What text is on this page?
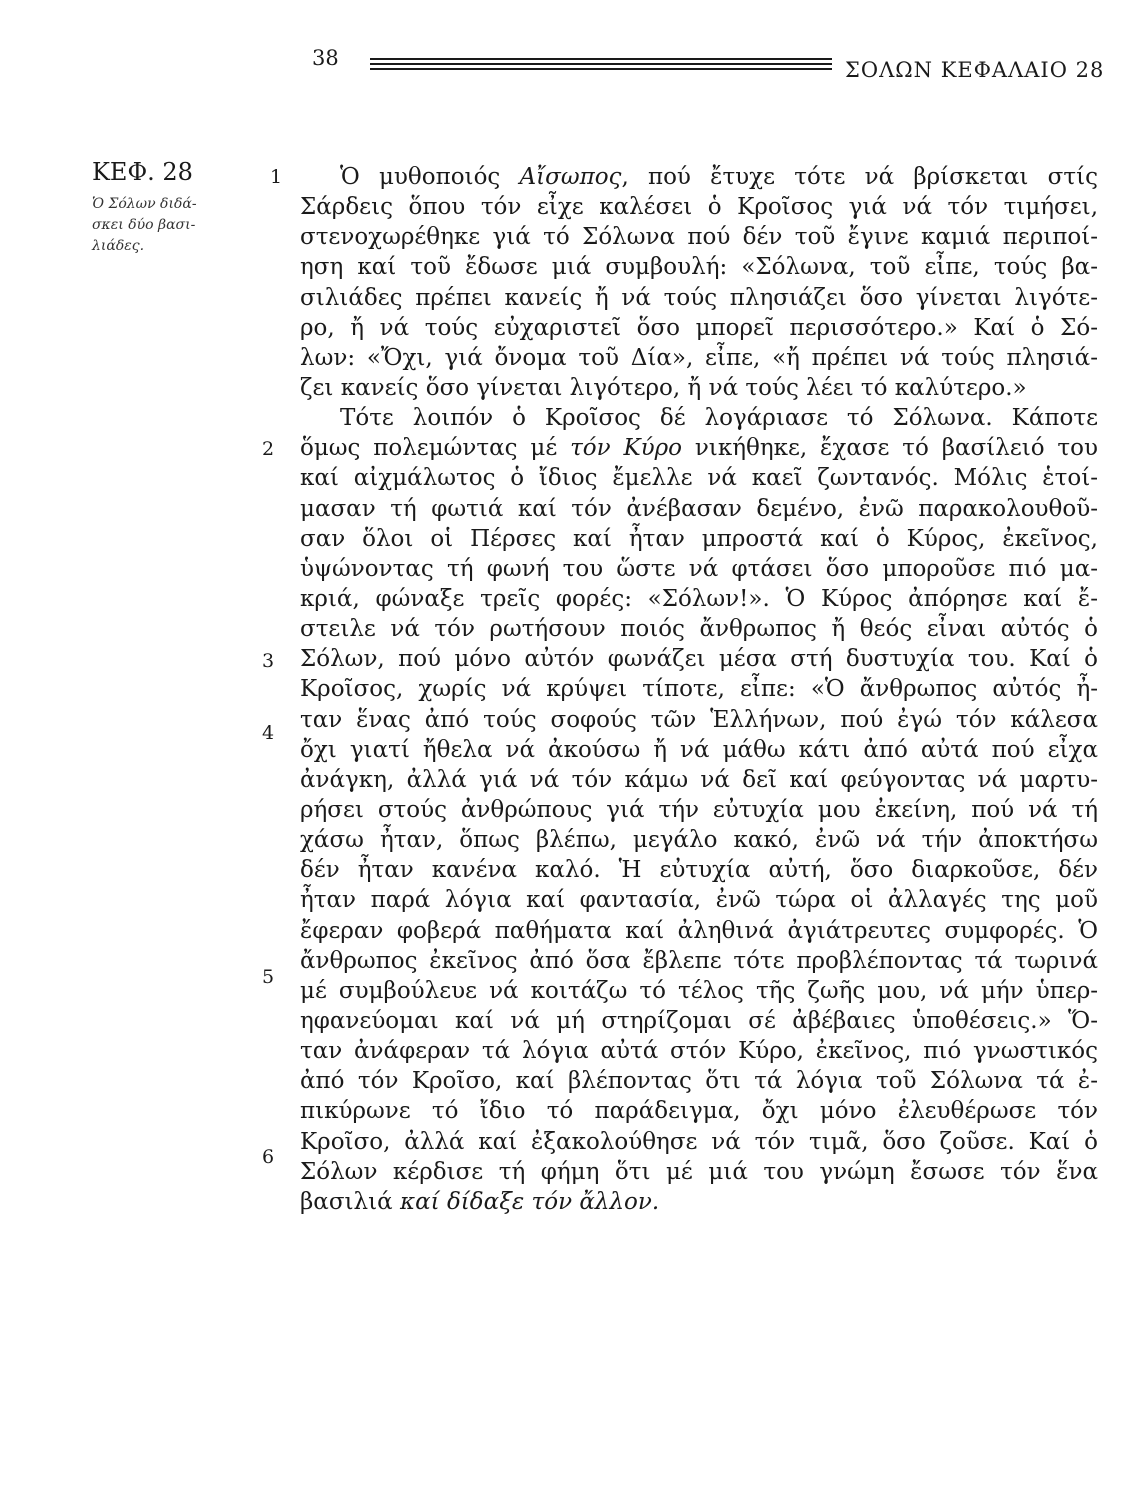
38	ΣΟΛΩΝ ΚΕΦΑΛΑΙΟ 28
ΚΕΦ. 28
Ὁ Σόλων διδά-
σκει δύο βασι-
λιάδες.
1
2
3
4
5
6
Ὁ μυθοποιός Αἴσωπος, πού ἔτυχε τότε νά βρίσκεται στίς
Σάρδεις ὅπου τόν εἶχε καλέσει ὁ Κροῖσος γιά νά τόν τιμήσει,
στενοχωρέθηκε γιά τό Σόλωνα πού δέν τοῦ ἔγινε καμιά περιποί-
ηση καί τοῦ ἔδωσε μιά συμβουλή: «Σόλωνα, τοῦ εἶπε, τούς βα-
σιλιάδες πρέπει κανείς ἤ νά τούς πλησιάζει ὅσο γίνεται λιγότε-
ρο, ἤ νά τούς εὐχαριστεῖ ὅσο μπορεῖ περισσότερο.» Καί ὁ Σό-
λων: «Ὄχι, γιά ὄνομα τοῦ Δία», εἶπε, «ἤ πρέπει νά τούς πλησιά-
ζει κανείς ὅσο γίνεται λιγότερο, ἤ νά τούς λέει τό καλύτερο.»
Τότε λοιπόν ὁ Κροῖσος δέ λογάριασε τό Σόλωνα. Κάποτε
ὅμως πολεμώντας μέ τόν Κύρο νικήθηκε, ἔχασε τό βασίλειό του
καί αἰχμάλωτος ὁ ἴδιος ἔμελλε νά καεῖ ζωντανός. Μόλις ἑτοί-
μασαν τή φωτιά καί τόν ἀνέβασαν δεμένο, ἐνῶ παρακολουθοῦ-
σαν ὅλοι οἱ Πέρσες καί ἦταν μπροστά καί ὁ Κύρος, ἐκεῖνος,
ὑψώνοντας τή φωνή του ὥστε νά φτάσει ὅσο μποροῦσε πιό μα-
κριά, φώναξε τρεῖς φορές: «Σόλων!». Ὁ Κύρος ἀπόρησε καί ἔ-
στειλε νά τόν ρωτήσουν ποιός ἄνθρωπος ἤ θεός εἶναι αὐτός ὁ
Σόλων, πού μόνο αὐτόν φωνάζει μέσα στή δυστυχία του. Καί ὁ
Κροῖσος, χωρίς νά κρύψει τίποτε, εἶπε: «Ὁ ἄνθρωπος αὐτός ἦ-
ταν ἕνας ἀπό τούς σοφούς τῶν Ἑλλήνων, πού ἐγώ τόν κάλεσα
ὄχι γιατί ἤθελα νά ἀκούσω ἤ νά μάθω κάτι ἀπό αὐτά πού εἶχα
ἀνάγκη, ἀλλά γιά νά τόν κάμω νά δεῖ καί φεύγοντας νά μαρτυ-
ρήσει στούς ἀνθρώπους γιά τήν εὐτυχία μου ἐκείνη, πού νά τή
χάσω ἦταν, ὅπως βλέπω, μεγάλο κακό, ἐνῶ νά τήν ἀποκτήσω
δέν ἦταν κανένα καλό. Ἡ εὐτυχία αὐτή, ὅσο διαρκοῦσε, δέν
ἦταν παρά λόγια καί φαντασία, ἐνῶ τώρα οἱ ἀλλαγές της μοῦ
ἔφεραν φοβερά παθήματα καί ἀληθινά ἀγιάτρευτες συμφορές. Ὁ
ἄνθρωπος ἐκεῖνος ἀπό ὅσα ἔβλεπε τότε προβλέποντας τά τωρινά
μέ συμβούλευε νά κοιτάζω τό τέλος τῆς ζωῆς μου, νά μήν ὑπερ-
ηφανεύομαι καί νά μή στηρίζομαι σέ ἀβέβαιες ὑποθέσεις.» Ὅ-
ταν ἀνάφεραν τά λόγια αὐτά στόν Κύρο, ἐκεῖνος, πιό γνωστικός
ἀπό τόν Κροῖσο, καί βλέποντας ὅτι τά λόγια τοῦ Σόλωνα τά ἐ-
πικύρωνε τό ἴδιο τό παράδειγμα, ὄχι μόνο ἐλευθέρωσε τόν
Κροῖσο, ἀλλά καί ἐξακολούθησε νά τόν τιμᾶ, ὅσο ζοῦσε. Καί ὁ
Σόλων κέρδισε τή φήμη ὅτι μέ μιά του γνώμη ἔσωσε τόν ἕνα
βασιλιά καί δίδαξε τόν ἄλλον.
